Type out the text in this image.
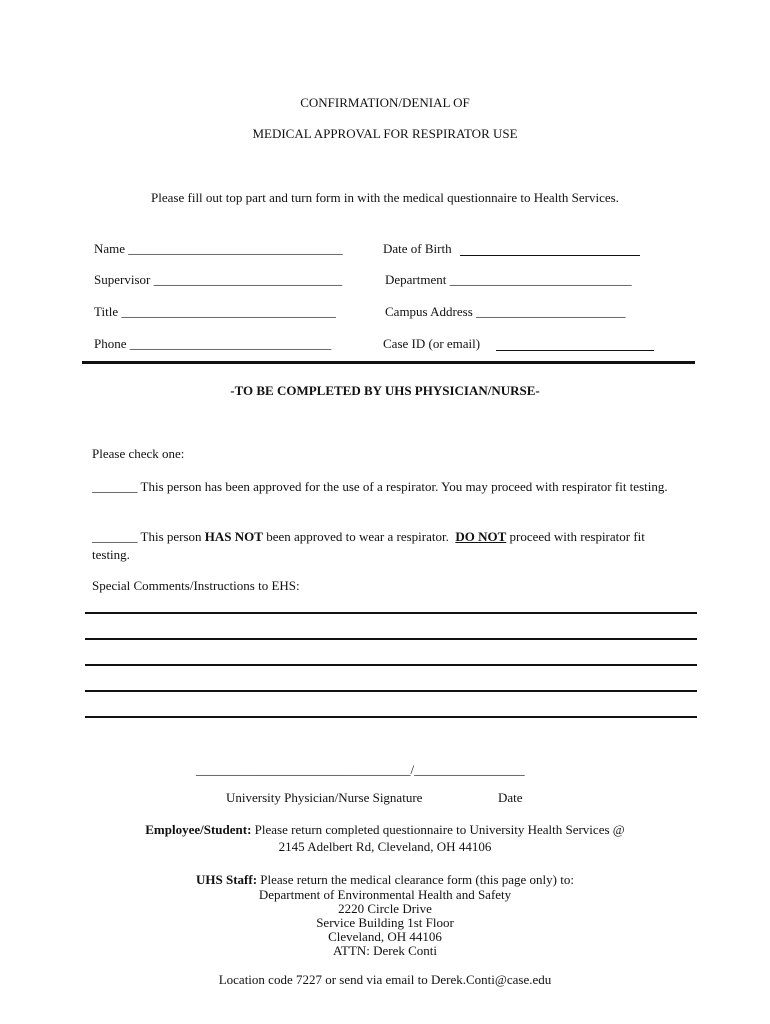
CONFIRMATION/DENIAL OF
MEDICAL APPROVAL FOR RESPIRATOR USE
Please fill out top part and turn form in with the medical questionnaire to Health Services.
Name _________________________________	Date of Birth
Supervisor _____________________________	Department ____________________________
Title _________________________________	Campus Address _______________________
Phone _______________________________	Case ID (or email)
-TO BE COMPLETED BY UHS PHYSICIAN/NURSE-
Please check one:
_______ This person has been approved for the use of a respirator. You may proceed with respirator fit testing.
_______ This person HAS NOT been approved to wear a respirator. DO NOT proceed with respirator fit testing.
Special Comments/Instructions to EHS:
_________________________________/_________________
University Physician/Nurse Signature	Date
Employee/Student: Please return completed questionnaire to University Health Services @
2145 Adelbert Rd, Cleveland, OH 44106
UHS Staff: Please return the medical clearance form (this page only) to:
Department of Environmental Health and Safety
2220 Circle Drive
Service Building 1st Floor
Cleveland, OH 44106
ATTN: Derek Conti
Location code 7227 or send via email to Derek.Conti@case.edu
